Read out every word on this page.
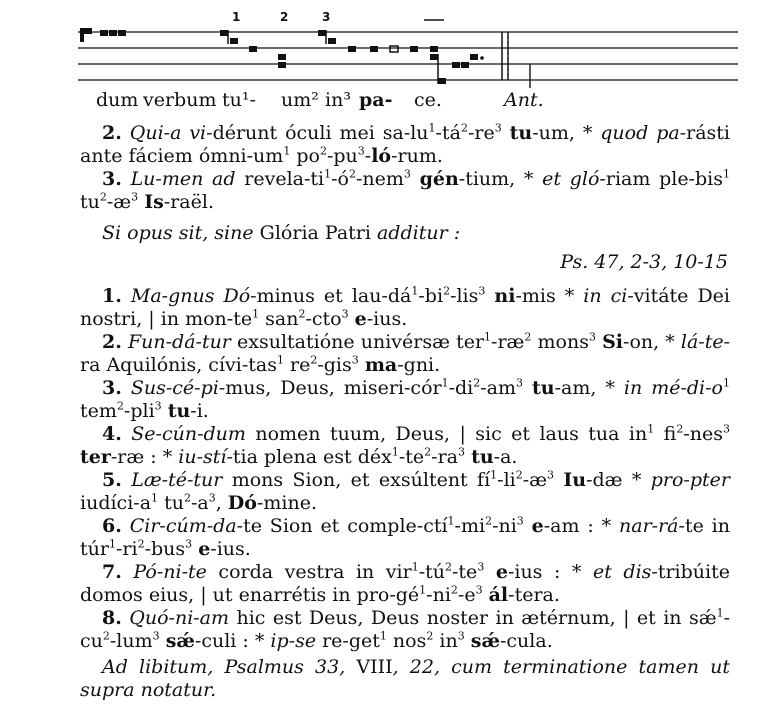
1	2	3
dum verbum tu¹- um² in³ pa- ce.	Ant.

2. Qui-a vi-dérunt óculi mei $sa-lu^1-tá^2-re^3$ tu-um, * quod pa-rásti ante fáciem ómni-$um^1$ $po^2-pu^3-ló$-rum.

3. Lu-men ad revela-$ti^1-ó^2-nem^3$ gén-tium, * et gló-riam ple-bis$^1$ $tu^2-æ^3$ Is-raël.

Si opus sit, sine Glória Patri additur :

Ps. 47, 2-3, 10-15

1. Ma-gnus Dó-minus et lau-$dá^1-bi^2-lis^3$ ni-mis * in ci-vitáte Dei nostri, | in mon-$te^1$ san$^2$-cto$^3$ e-ius.

2. Fun-dá-tur exsultatióne univérsæ $ter^1-ræ^2$ mons$^3$ Si-on, * lá-te-ra Aquilónis, cívi-tas$^1$ $re^2-gis^3$ ma-gni.

3. Sus-cé-pi-mus, Deus, miseri-$cór^1-di^2-am^3$ tu-am, * in $mé-di-o^1$ tem$^2$-pli$^3$ tu-i.

4. Se-cún-dum nomen tuum, Deus, | sic et laus tua $in^1$ $fi^2-nes^3$ ter-ræ : * iu-stí-tia plena est $déx^1-te^2-ra^3$ tu-a.

5. Læ-té-tur mons Sion, et exsúltent $fí^1-li^2-æ^3$ Iu-dæ * pro-pter iudíci-$a^1$ $tu^2-a^3$, Dó-mine.

6. Cir-cúm-da-te Sion et comple-$ctí^1-mi^2-ni^3$ e-am : * nar-rá-te in $túr^1-ri^2-bus^3$ e-ius.

7. Pó-ni-te corda vestra in $vir^1-tú^2-te^3$ e-ius : * et dis-tribúite domos eius, | ut enarrétis in pro-$gé^1-ni^2-e^3$ ál-tera.

8. Quó-ni-am hic est Deus, Deus noster in ætérnum, | et in $sǽ^1-cu^2-lum^3$ sǽ-culi : * ip-se re-get$^1$ nos$^2$ $in^3$ sǽ-cula.

Ad libitum, Psalmus 33, VIII, 22, cum terminatione tamen ut supra notatur.
